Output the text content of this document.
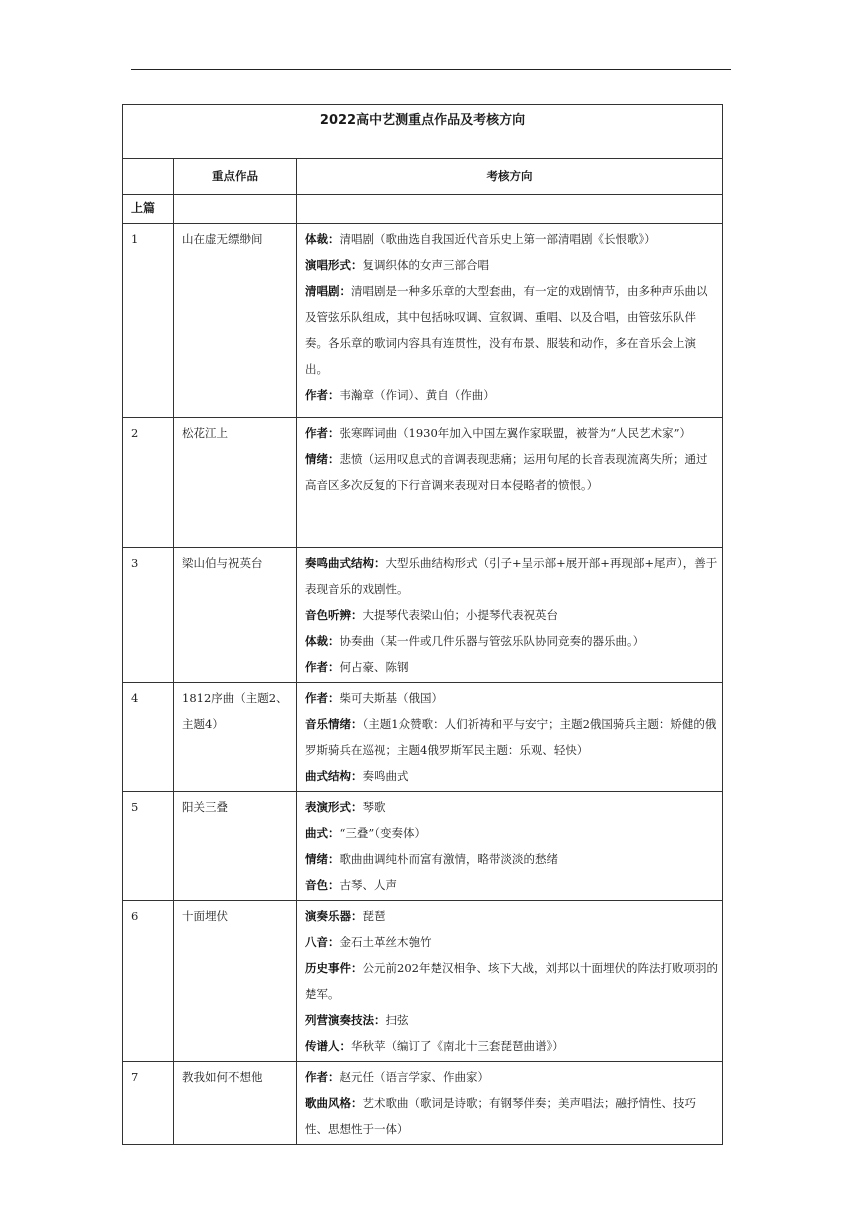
2022高中艺测重点作品及考核方向		
	重点作品	考核方向
上篇		
1	山在虚无缥缈间	体裁：清唱剧（歌曲选自我国近代音乐史上第一部清唱剧《长恨歌》）

演唱形式：复调织体的女声三部合唱

清唱剧：清唱剧是一种多乐章的大型套曲，有一定的戏剧情节，由多种声乐曲以及管弦乐队组成，其中包括咏叹调、宣叙调、重唱、以及合唱，由管弦乐队伴奏。各乐章的歌词内容具有连贯性，没有布景、服装和动作，多在音乐会上演出。

作者：韦瀚章（作词）、黄自（作曲）

2	松花江上	作者：张寒晖词曲（1930年加入中国左翼作家联盟，被誉为“人民艺术家”）

情绪：悲愤（运用叹息式的音调表现悲痛；运用句尾的长音表现流离失所；通过高音区多次反复的下行音调来表现对日本侵略者的愤恨。）

3	梁山伯与祝英台	奏鸣曲式结构：大型乐曲结构形式（引子+呈示部+展开部+再现部+尾声），善于表现音乐的戏剧性。

音色听辨：大提琴代表梁山伯；小提琴代表祝英台

体裁：协奏曲（某一件或几件乐器与管弦乐队协同竞奏的器乐曲。）

作者：何占豪、陈钢

4	1812序曲（主题2、主题4）	作者：柴可夫斯基（俄国）

音乐情绪：（主题1众赞歌：人们祈祷和平与安宁；主题2俄国骑兵主题：矫健的俄罗斯骑兵在巡视；主题4俄罗斯军民主题：乐观、轻快）

曲式结构：奏鸣曲式

5	阳关三叠	表演形式：琴歌

曲式：“三叠”（变奏体）

情绪：歌曲曲调纯朴而富有激情，略带淡淡的愁绪

音色：古琴、人声

6	十面埋伏	演奏乐器：琵琶

八音：金石土革丝木匏竹

历史事件：公元前202年楚汉相争、垓下大战，刘邦以十面埋伏的阵法打败项羽的楚军。

列营演奏技法：扫弦

传谱人：华秋苹（编订了《南北十三套琵琶曲谱》）

7	教我如何不想他	作者：赵元任（语言学家、作曲家）

歌曲风格：艺术歌曲（歌词是诗歌；有钢琴伴奏；美声唱法；融抒情性、技巧性、思想性于一体）
